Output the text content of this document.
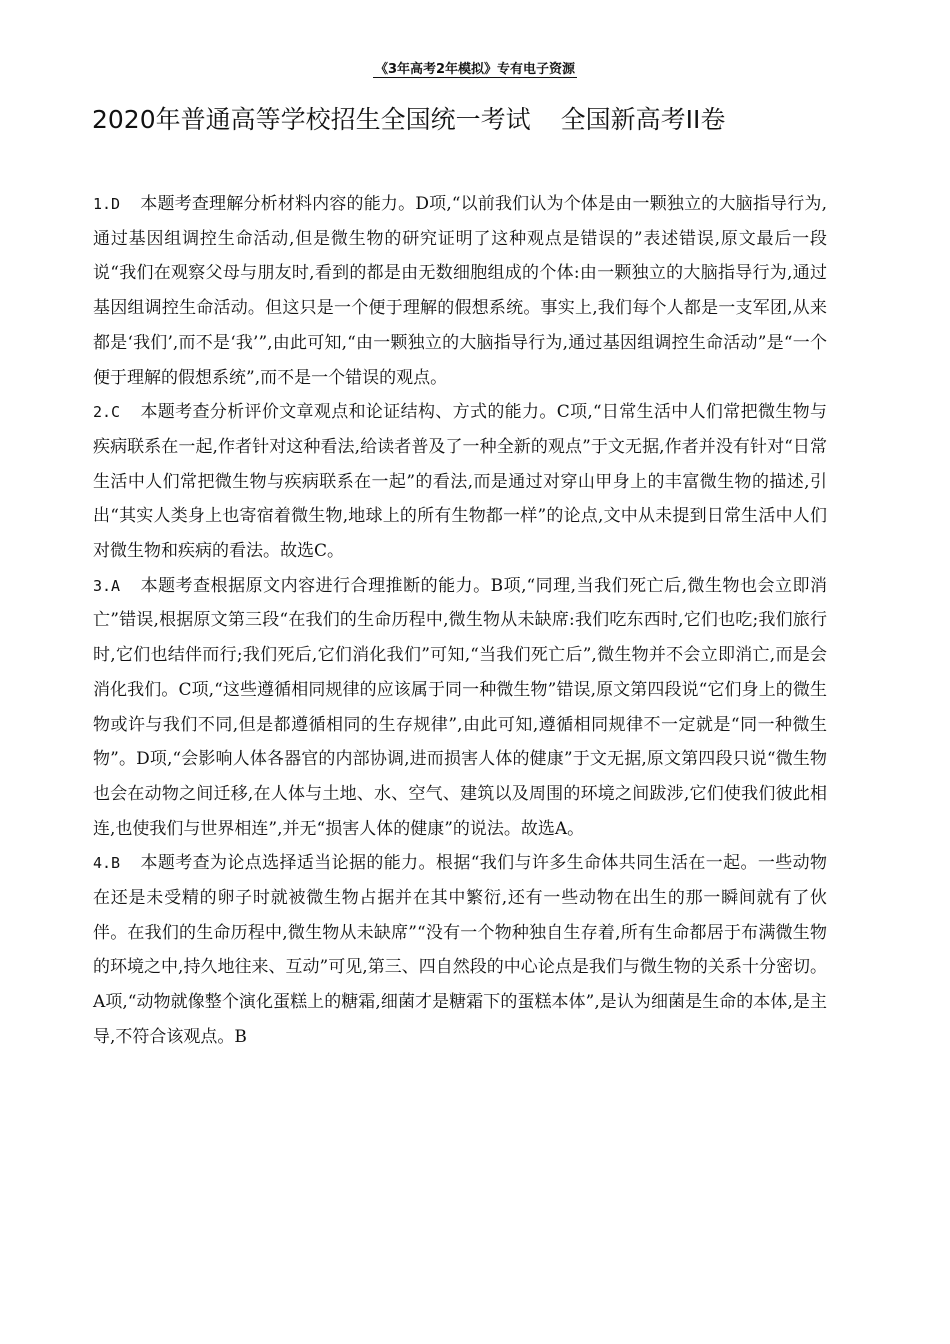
《3年高考2年模拟》专有电子资源
2020年普通高等学校招生全国统一考试 全国新高考II卷

1.D 本题考查理解分析材料内容的能力。D项,“以前我们认为个体是由一颗独立的大脑指导行为,通过基因组调控生命活动,但是微生物的研究证明了这种观点是错误的”表述错误,原文最后一段说“我们在观察父母与朋友时,看到的都是由无数细胞组成的个体:由一颗独立的大脑指导行为,通过基因组调控生命活动。但这只是一个便于理解的假想系统。事实上,我们每个人都是一支军团,从来都是‘我们’,而不是‘我’”,由此可知,“由一颗独立的大脑指导行为,通过基因组调控生命活动”是“一个便于理解的假想系统”,而不是一个错误的观点。

2.C 本题考查分析评价文章观点和论证结构、方式的能力。C项,“日常生活中人们常把微生物与疾病联系在一起,作者针对这种看法,给读者普及了一种全新的观点”于文无据,作者并没有针对“日常生活中人们常把微生物与疾病联系在一起”的看法,而是通过对穿山甲身上的丰富微生物的描述,引出“其实人类身上也寄宿着微生物,地球上的所有生物都一样”的论点,文中从未提到日常生活中人们对微生物和疾病的看法。故选C。

3.A 本题考查根据原文内容进行合理推断的能力。B项,“同理,当我们死亡后,微生物也会立即消亡”错误,根据原文第三段“在我们的生命历程中,微生物从未缺席:我们吃东西时,它们也吃;我们旅行时,它们也结伴而行;我们死后,它们消化我们”可知,“当我们死亡后”,微生物并不会立即消亡,而是会消化我们。C项,“这些遵循相同规律的应该属于同一种微生物”错误,原文第四段说“它们身上的微生物或许与我们不同,但是都遵循相同的生存规律”,由此可知,遵循相同规律不一定就是“同一种微生物”。D项,“会影响人体各器官的内部协调,进而损害人体的健康”于文无据,原文第四段只说“微生物也会在动物之间迁移,在人体与土地、水、空气、建筑以及周围的环境之间跋涉,它们使我们彼此相连,也使我们与世界相连”,并无“损害人体的健康”的说法。故选A。

4.B 本题考查为论点选择适当论据的能力。根据“我们与许多生命体共同生活在一起。一些动物在还是未受精的卵子时就被微生物占据并在其中繁衍,还有一些动物在出生的那一瞬间就有了伙伴。在我们的生命历程中,微生物从未缺席”“没有一个物种独自生存着,所有生命都居于布满微生物的环境之中,持久地往来、互动”可见,第三、四自然段的中心论点是我们与微生物的关系十分密切。A项,“动物就像整个演化蛋糕上的糖霜,细菌才是糖霜下的蛋糕本体”,是认为细菌是生命的本体,是主导,不符合该观点。B
